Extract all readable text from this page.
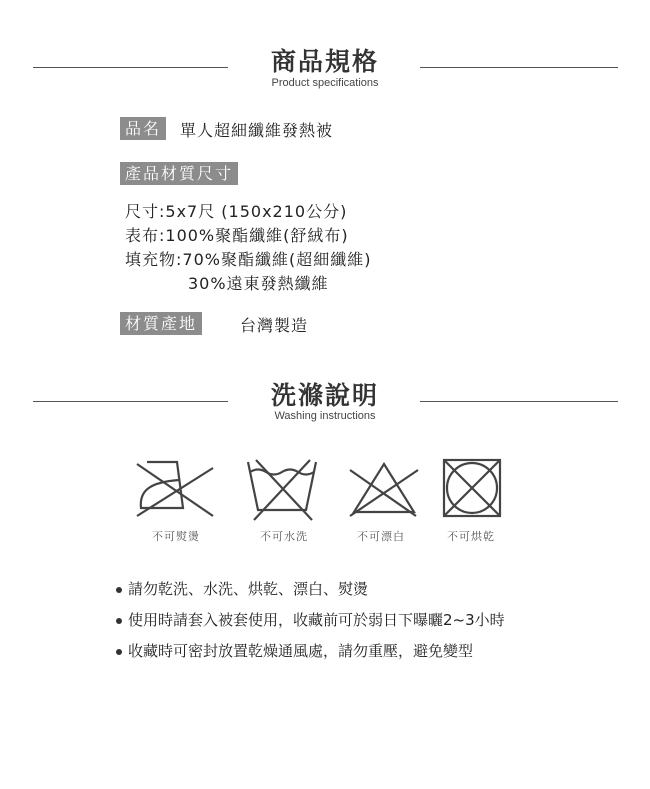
商品規格
Product specifications
品名	單人超細纖維發熱被
產品材質尺寸
尺寸:5x7尺 (150x210公分)
表布:100%聚酯纖維(舒絨布)
填充物:70%聚酯纖維(超細纖維)
30%遠東發熱纖維
材質產地	台灣製造
洗滌說明
Washing instructions
不可熨燙	不可水洗	不可漂白	不可烘乾
請勿乾洗、水洗、烘乾、漂白、熨燙
使用時請套入被套使用，收藏前可於弱日下曝曬2~3小時
收藏時可密封放置乾燥通風處，請勿重壓，避免變型
